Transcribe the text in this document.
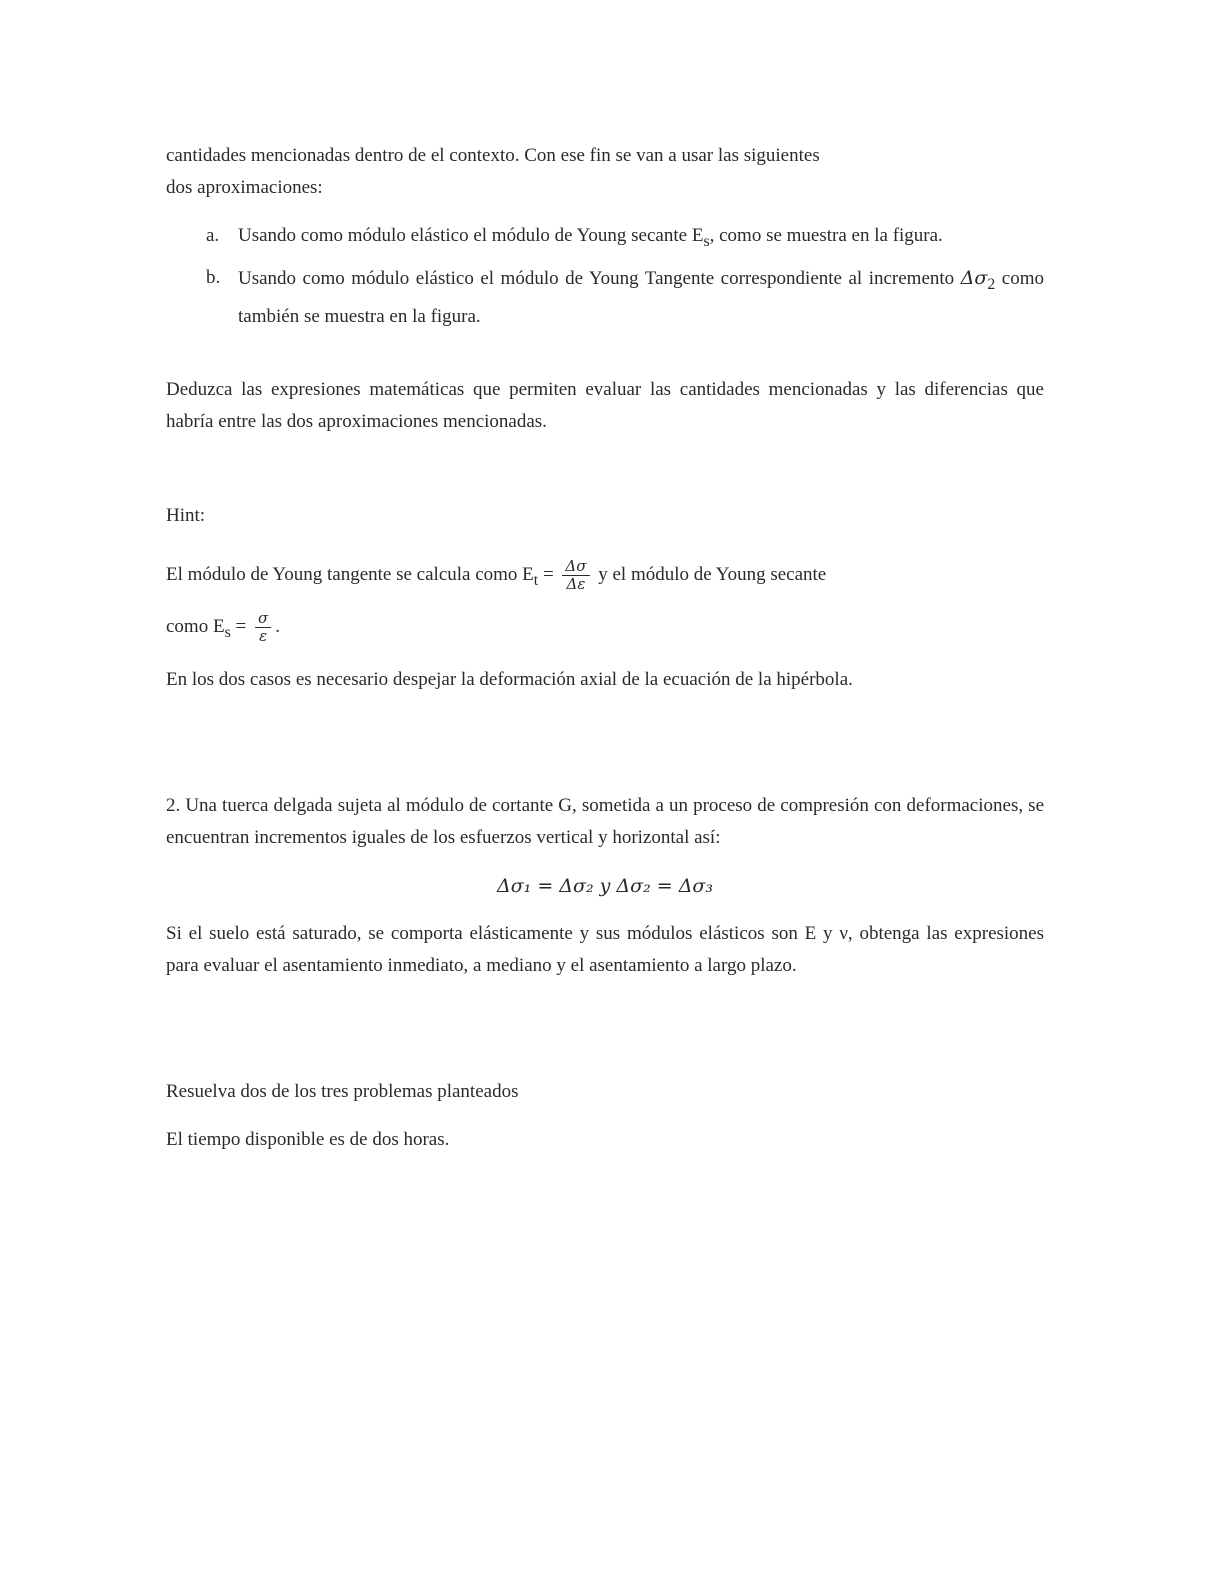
cantidades mencionadas dentro de el contexto. Con ese fin se van a usar las siguientes
dos aproximaciones:

a. Usando como módulo elástico el módulo de Young secante $E_s$, como se muestra en la figura.
b. Usando como módulo elástico el módulo de Young Tangente correspondiente al incremento $\Delta\sigma_2$ como también se muestra en la figura.

Deduzca las expresiones matemáticas que permiten evaluar las cantidades mencionadas y las diferencias que habría entre las dos aproximaciones mencionadas.

Hint:

El módulo de Young tangente se calcula como $E_t = \frac{\Delta\sigma}{\Delta\varepsilon}$ y el módulo de Young secante
como $E_s = \frac{\sigma}{\varepsilon}$ .

En los dos casos es necesario despejar la deformación axial de la ecuación de la hipérbola.

2. Una tuerca delgada sujeta al módulo de cortante G, sometida a un proceso de compresión con deformaciones, se encuentran incrementos iguales de los esfuerzos vertical y horizontal así:

Δσ₁ = Δσ₂ y Δσ₂ = Δσ₃

Si el suelo está saturado, se comporta elásticamente y sus módulos elásticos son E y ν, obtenga las expresiones para evaluar el asentamiento inmediato, a mediano y el asentamiento a largo plazo.

Resuelva dos de los tres problemas planteados

El tiempo disponible es de dos horas.
